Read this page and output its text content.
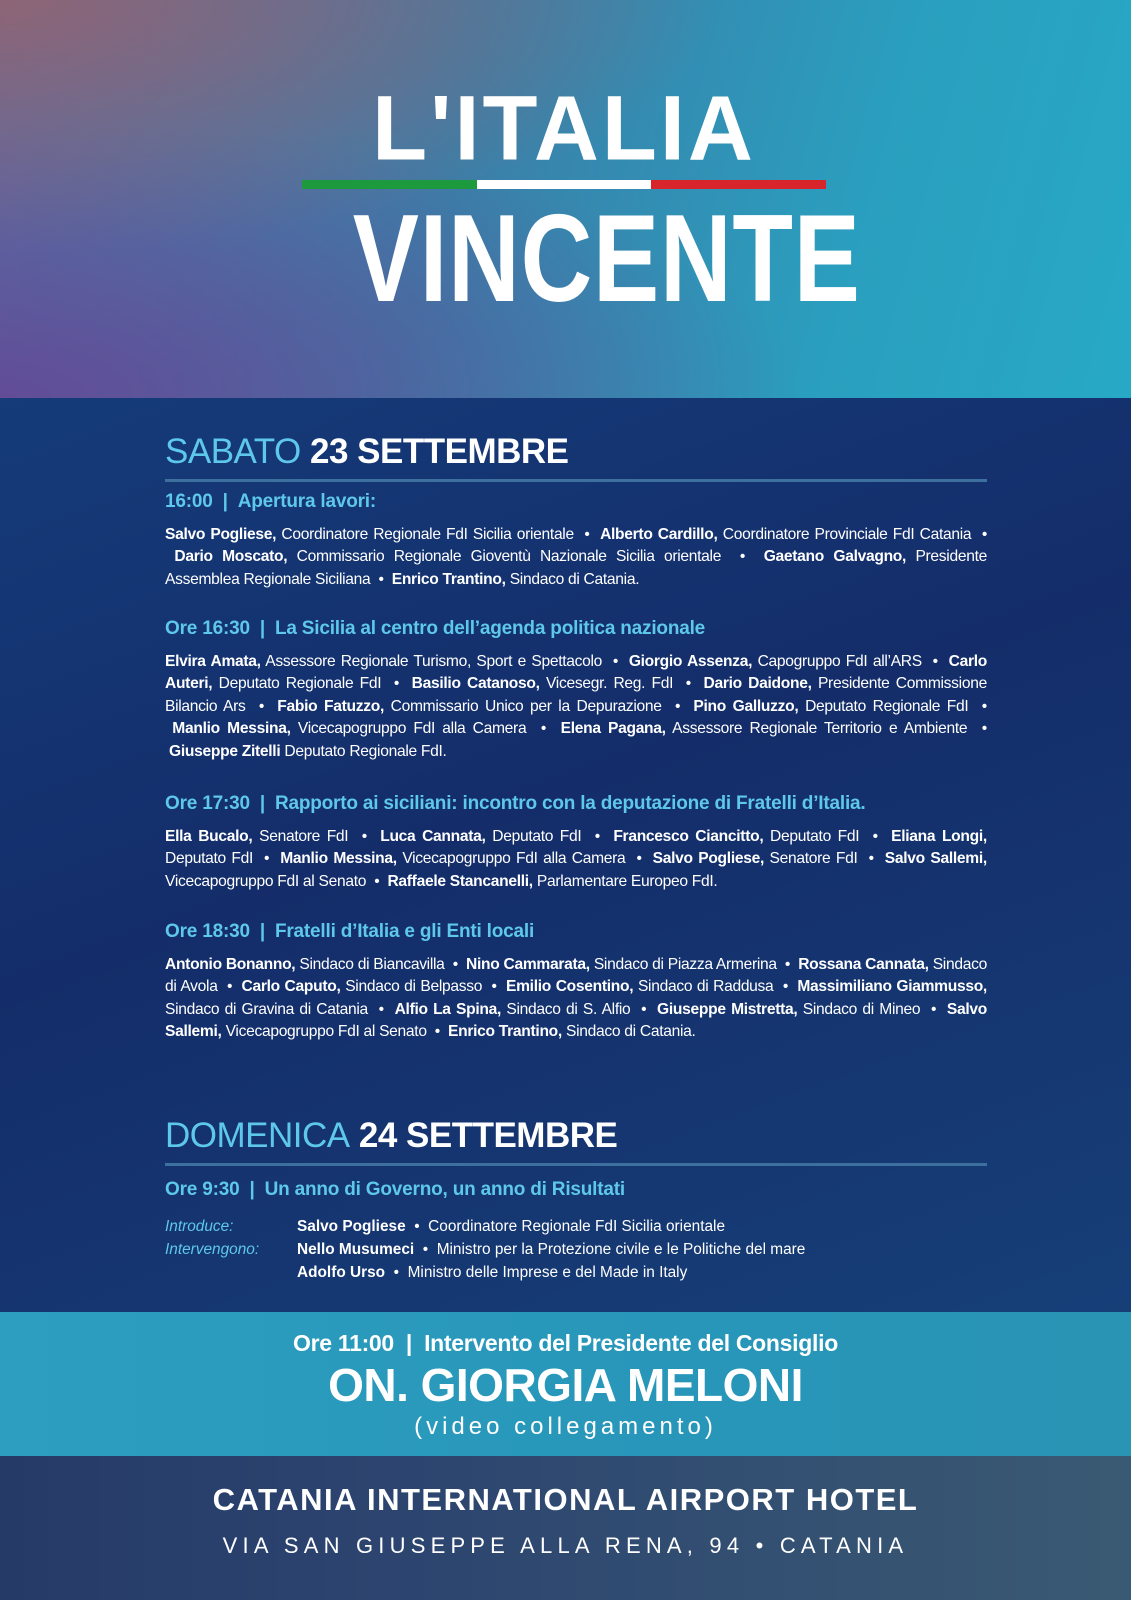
L'ITALIA
VINCENTE
SABATO 23 SETTEMBRE
16:00 | Apertura lavori:

Salvo Pogliese, Coordinatore Regionale FdI Sicilia orientale • Alberto Cardillo, Coordinatore Provinciale FdI Catania •  Dario Moscato, Commissario Regionale Gioventù Nazionale Sicilia orientale • Gaetano Galvagno, Presidente Assemblea Regionale Siciliana • Enrico Trantino, Sindaco di Catania.

Ore 16:30 | La Sicilia al centro dell’agenda politica nazionale

Elvira Amata, Assessore Regionale Turismo, Sport e Spettacolo • Giorgio Assenza, Capogruppo FdI all’ARS • Carlo Auteri, Deputato Regionale FdI • Basilio Catanoso, Vicesegr. Reg. FdI • Dario Daidone, Presidente Commissione Bilancio Ars • Fabio Fatuzzo, Commissario Unico per la Depurazione • Pino Galluzzo, Deputato Regionale FdI •  Manlio Messina, Vicecapogruppo FdI alla Camera • Elena Pagana, Assessore Regionale Territorio e Ambiente •  Giuseppe Zitelli Deputato Regionale FdI.

Ore 17:30 | Rapporto ai siciliani: incontro con la deputazione di Fratelli d’Italia.

Ella Bucalo, Senatore FdI • Luca Cannata, Deputato FdI • Francesco Ciancitto, Deputato FdI • Eliana Longi, Deputato FdI • Manlio Messina, Vicecapogruppo FdI alla Camera • Salvo Pogliese, Senatore FdI • Salvo Sallemi, Vicecapogruppo FdI al Senato • Raffaele Stancanelli, Parlamentare Europeo FdI.

Ore 18:30 | Fratelli d’Italia e gli Enti locali

Antonio Bonanno, Sindaco di Biancavilla • Nino Cammarata, Sindaco di Piazza Armerina • Rossana Cannata, Sindaco di Avola • Carlo Caputo, Sindaco di Belpasso • Emilio Cosentino, Sindaco di Raddusa • Massimiliano Giammusso, Sindaco di Gravina di Catania • Alfio La Spina, Sindaco di S. Alfio • Giuseppe Mistretta, Sindaco di Mineo • Salvo Sallemi, Vicecapogruppo FdI al Senato • Enrico Trantino, Sindaco di Catania.

DOMENICA 24 SETTEMBRE
Ore 9:30 | Un anno di Governo, un anno di Risultati
Introduce:	Salvo Pogliese • Coordinatore Regionale FdI Sicilia orientale
Intervengono:	Nello Musumeci • Ministro per la Protezione civile e le Politiche del mare
Adolfo Urso • Ministro delle Imprese e del Made in Italy
Ore 11:00 | Intervento del Presidente del Consiglio
ON. GIORGIA MELONI
(video collegamento)
CATANIA INTERNATIONAL AIRPORT HOTEL
VIA SAN GIUSEPPE ALLA RENA, 94 • CATANIA
